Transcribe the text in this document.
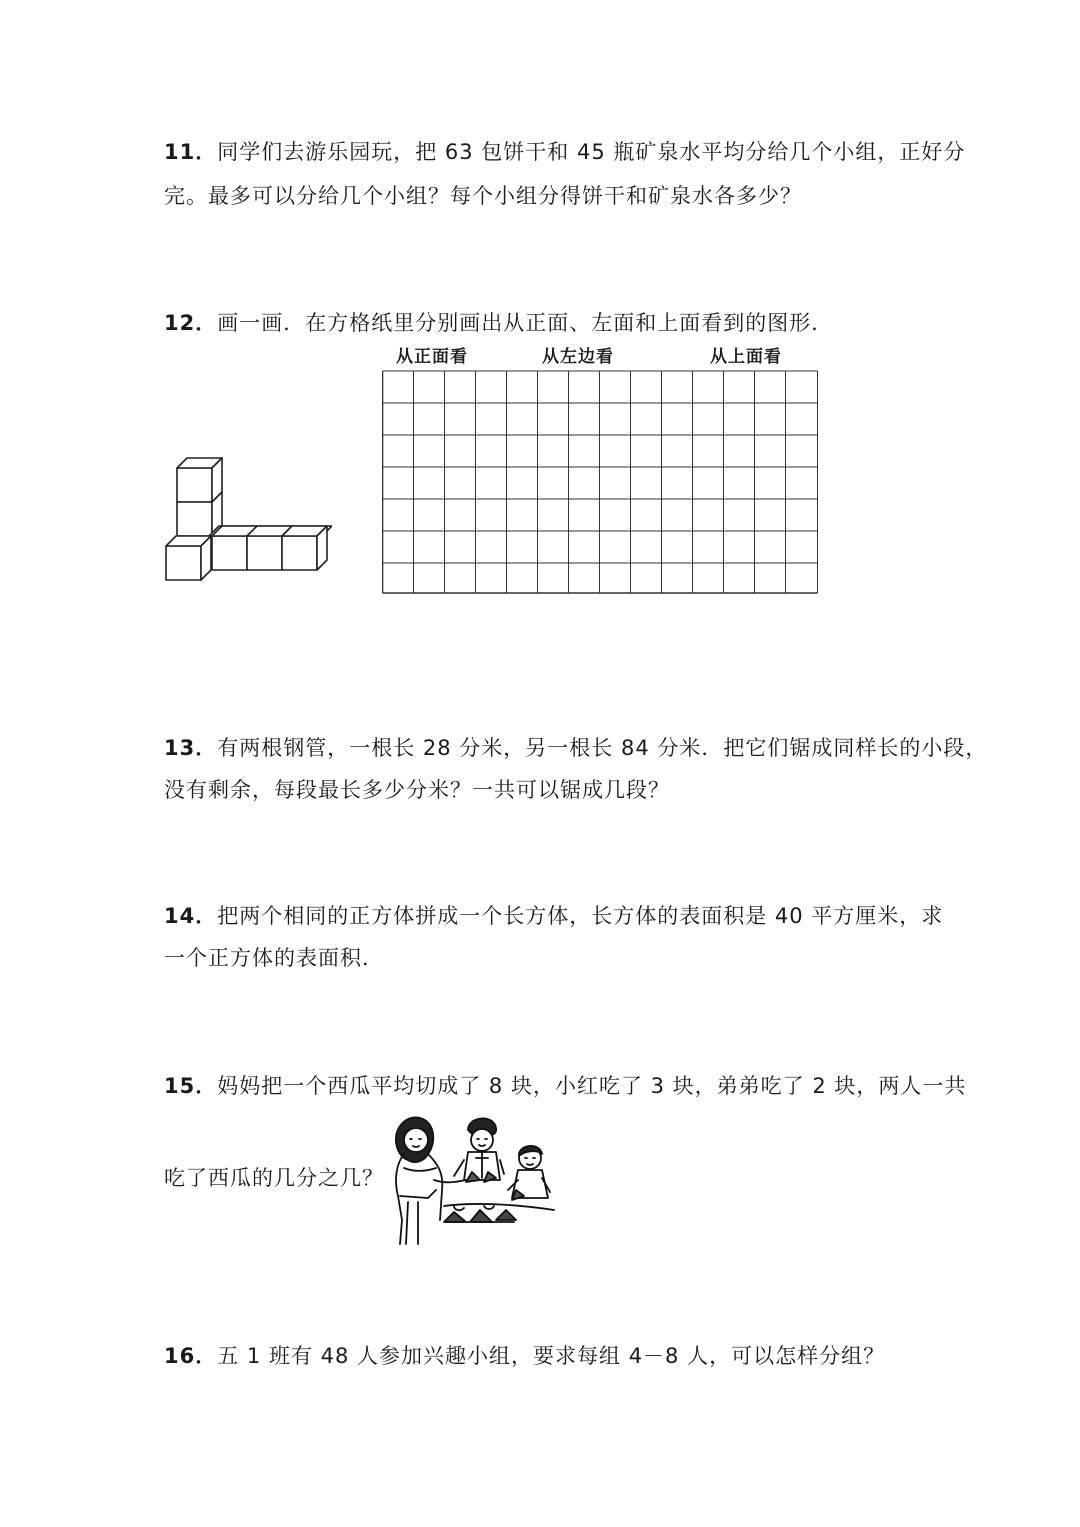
11．同学们去游乐园玩，把 63 包饼干和 45 瓶矿泉水平均分给几个小组，正好分

完。最多可以分给几个小组？每个小组分得饼干和矿泉水各多少？

12．画一画．在方格纸里分别画出从正面、左面和上面看到的图形．

从正面看	从左边看	从上面看

13．有两根钢管，一根长 28 分米，另一根长 84 分米．把它们锯成同样长的小段，

没有剩余，每段最长多少分米？一共可以锯成几段？

14．把两个相同的正方体拼成一个长方体，长方体的表面积是 40 平方厘米，求

一个正方体的表面积．

15．妈妈把一个西瓜平均切成了 8 块，小红吃了 3 块，弟弟吃了 2 块，两人一共

吃了西瓜的几分之几？

16．五 1 班有 48 人参加兴趣小组，要求每组 4－8 人，可以怎样分组？
